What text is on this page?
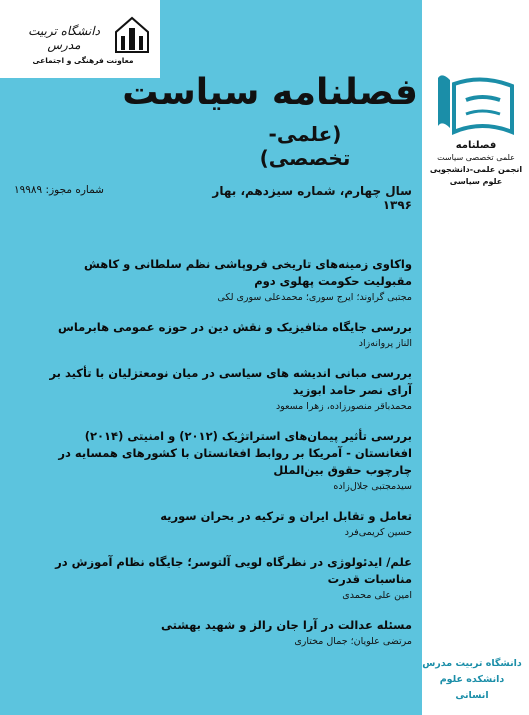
دانشگاه تربیت مدرس
معاونت فرهنگی و اجتماعی
فصلنامه سیاست
(علمی-تخصصی)
سال چهارم، شماره سیزدهم، بهار ۱۳۹۶
شماره مجوز: ۱۹۹۸۹
فصلنامه
علمی تخصصی سیاست
انجمن علمی-دانشجویی علوم سیاسی
واکاوی زمینه‌های تاریخی فروپاشی نظم سلطانی و کاهش مقبولیت حکومت پهلوی دوم
مجتبی گراوند؛ ایرج سوری؛ محمدعلی سوری لکی
بررسی جایگاه متافیزیک و نقش دین در حوزه عمومی هابرماس
الناز پروانه‌زاد
بررسی مبانی اندیشه های سیاسی در میان نومعتزلیان با تأکید بر آرای نصر حامد ابوزید
محمدباقر منصورزاده، زهرا مسعود
بررسی تأثیر پیمان‌های استراتژیک (۲۰۱۲) و امنیتی (۲۰۱۴) افغانستان - آمریکا بر روابط افغانستان با کشورهای همسایه در چارچوب حقوق بین‌الملل
سیدمجتبی جلال‌زاده
تعامل و تقابل ایران و ترکیه در بحران سوریه
حسین کریمی‌فرد
علم/ ایدئولوژی در نظرگاه لویی آلتوسر؛ جایگاه نظام آموزش در مناسبات قدرت
امین علی محمدی
مسئله عدالت در آرا جان رالز و شهید بهشتی
مرتضی علویان؛ جمال مختاری
دانشگاه تربیت مدرس
دانشکده علوم انسانی
